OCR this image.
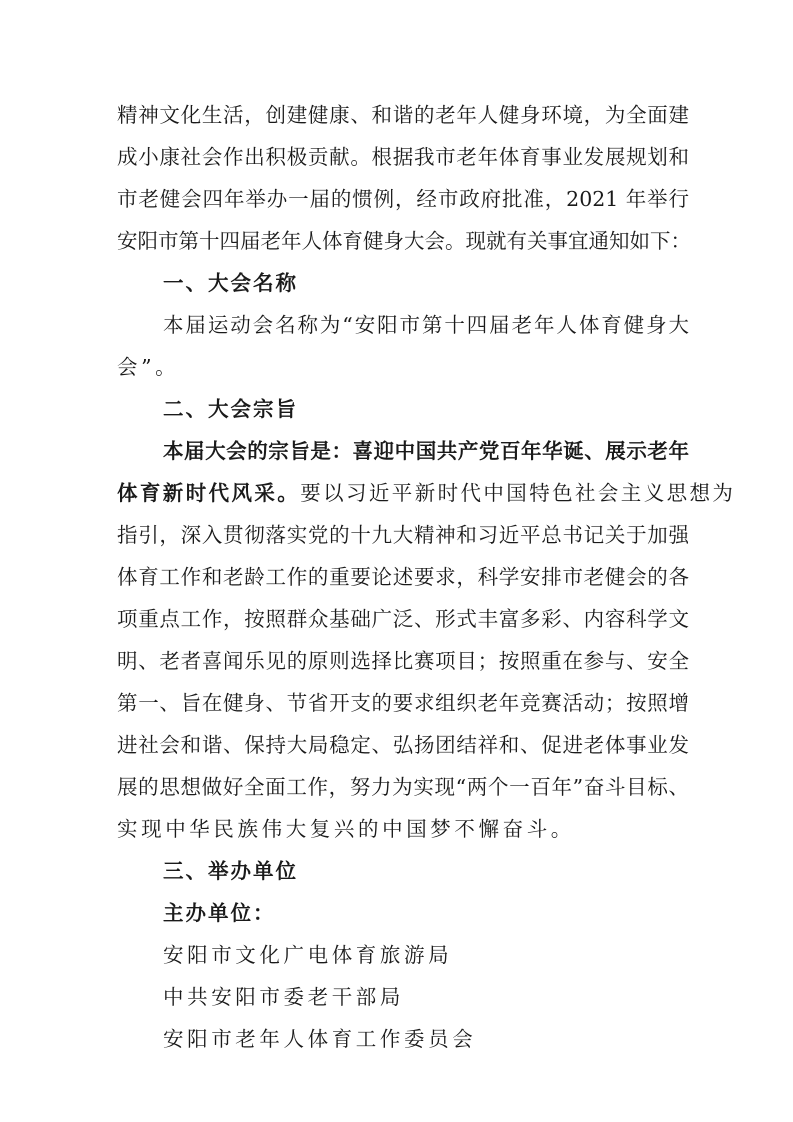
精神文化生活，创建健康、和谐的老年人健身环境，为全面建
成小康社会作出积极贡献。根据我市老年体育事业发展规划和
市老健会四年举办一届的惯例，经市政府批准，2021 年举行
安阳市第十四届老年人体育健身大会。现就有关事宜通知如下：
一、大会名称
本届运动会名称为“安阳市第十四届老年人体育健身大
会”。
二、大会宗旨
本届大会的宗旨是：喜迎中国共产党百年华诞、展示老年
体育新时代风采。要以习近平新时代中国特色社会主义思想为
指引，深入贯彻落实党的十九大精神和习近平总书记关于加强
体育工作和老龄工作的重要论述要求，科学安排市老健会的各
项重点工作，按照群众基础广泛、形式丰富多彩、内容科学文
明、老者喜闻乐见的原则选择比赛项目；按照重在参与、安全
第一、旨在健身、节省开支的要求组织老年竞赛活动；按照增
进社会和谐、保持大局稳定、弘扬团结祥和、促进老体事业发
展的思想做好全面工作，努力为实现“两个一百年”奋斗目标、
实现中华民族伟大复兴的中国梦不懈奋斗。
三、举办单位
主办单位：
安阳市文化广电体育旅游局
中共安阳市委老干部局
安阳市老年人体育工作委员会
